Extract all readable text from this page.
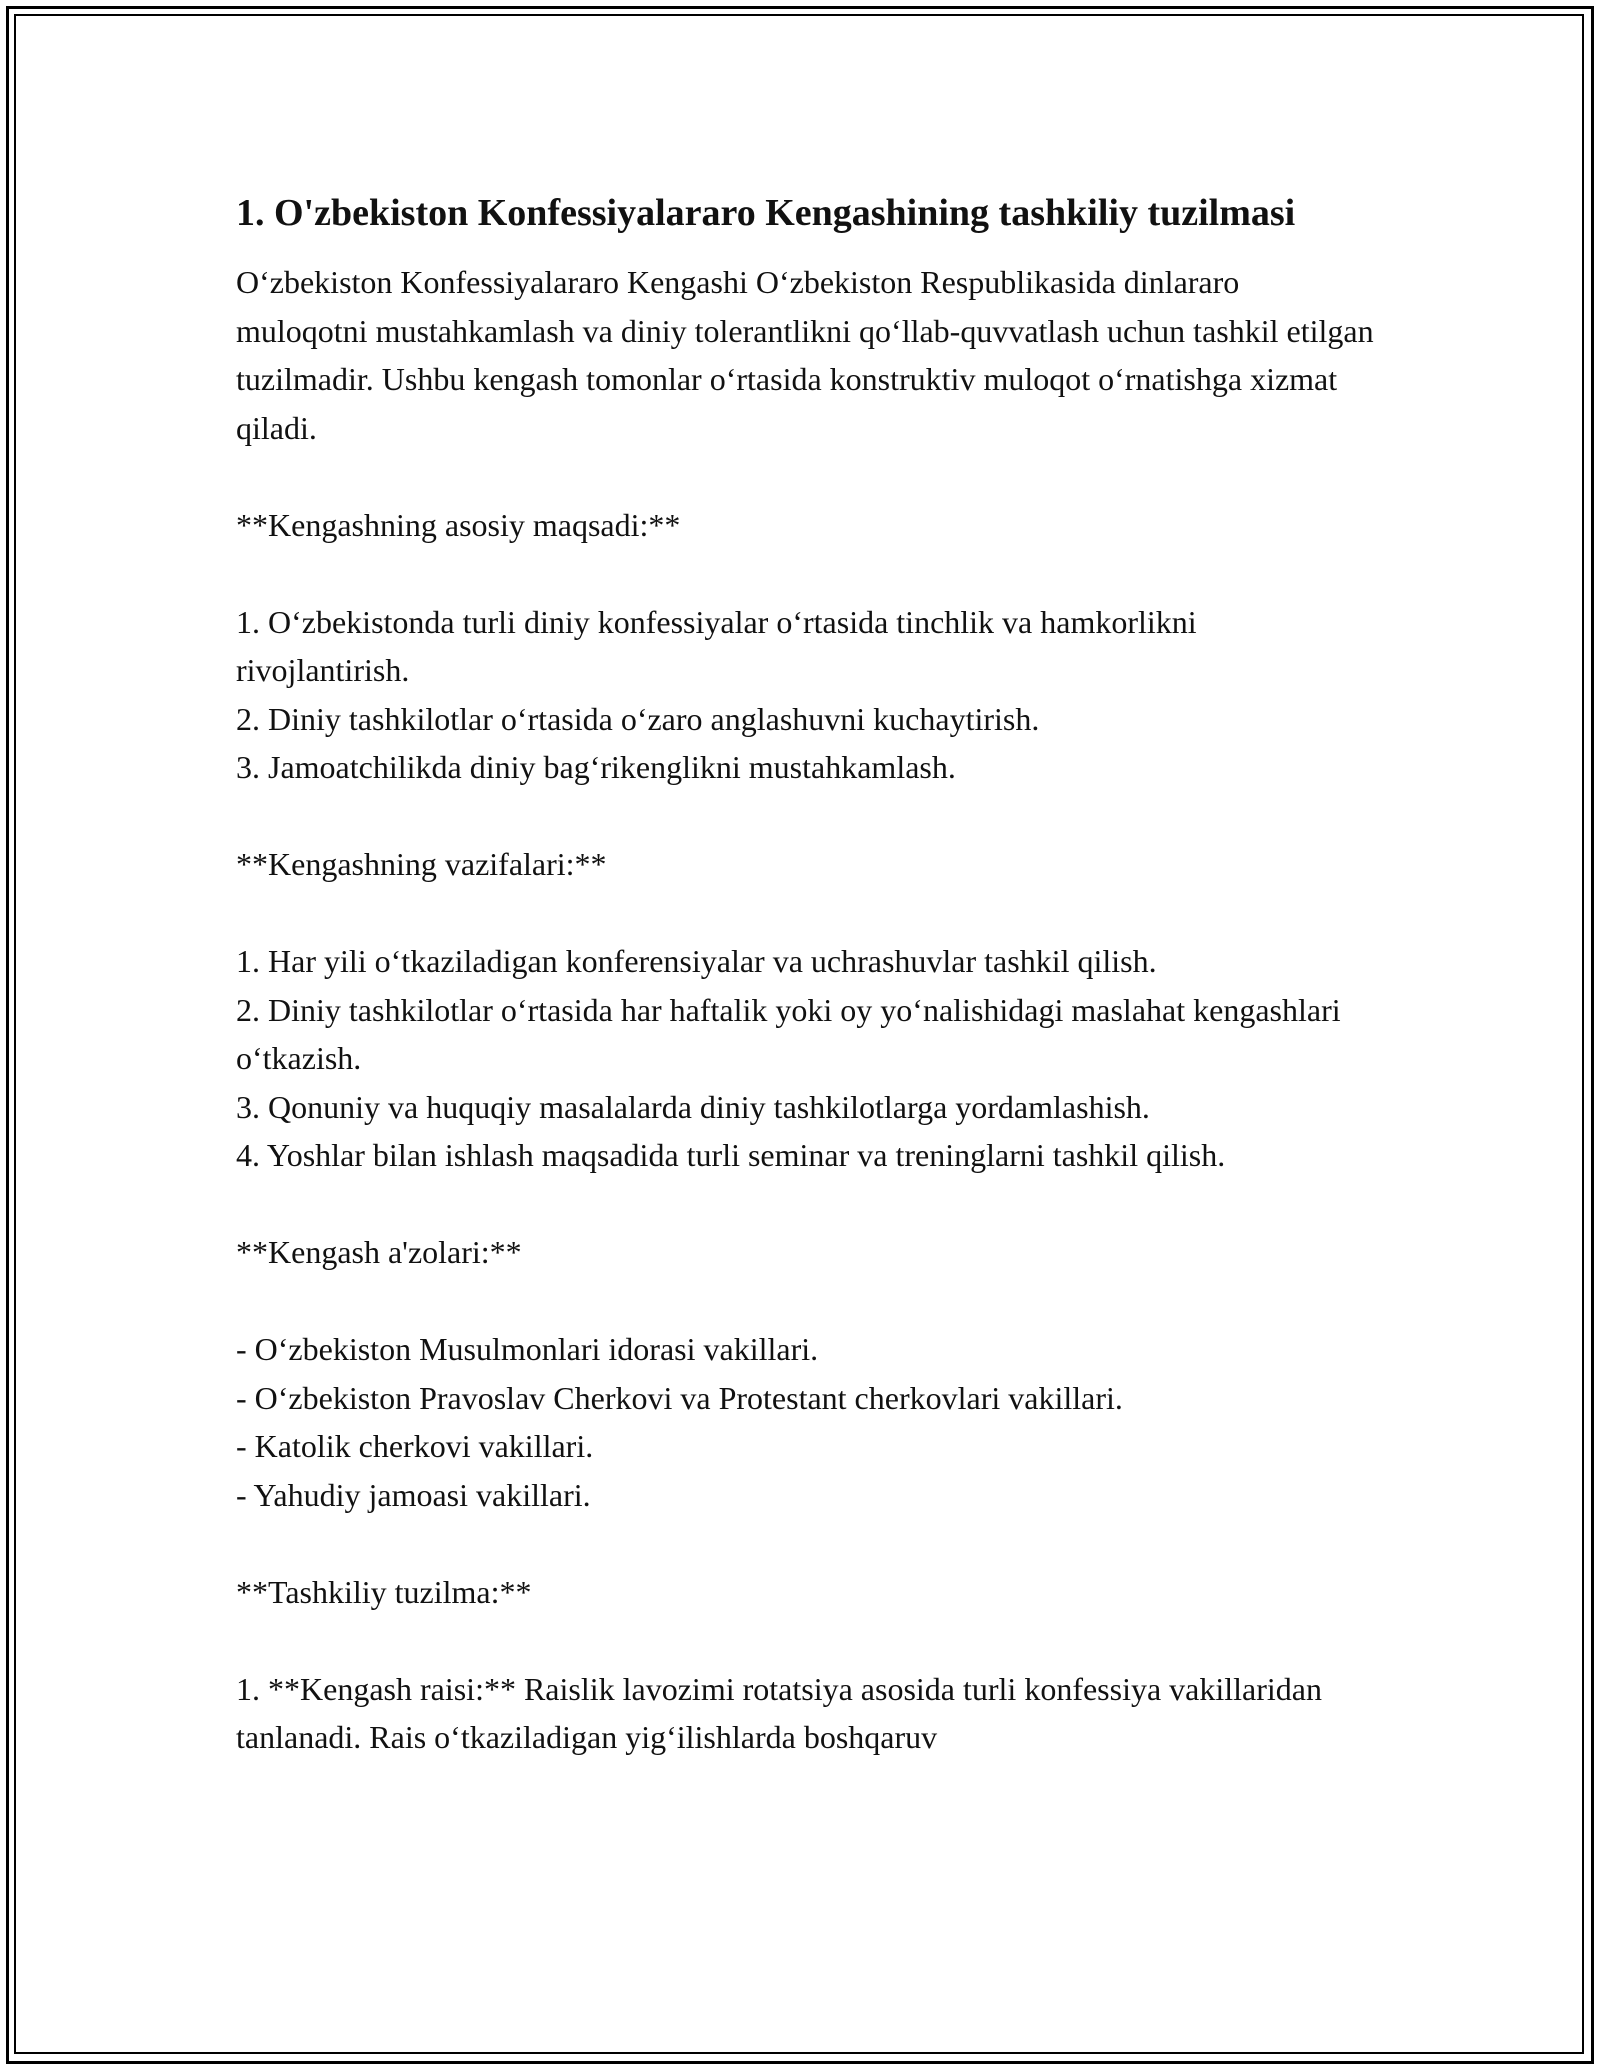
1. O'zbekiston Konfessiyalararo Kengashining tashkiliy tuzilmasi

O‘zbekiston Konfessiyalararo Kengashi O‘zbekiston Respublikasida dinlararo muloqotni mustahkamlash va diniy tolerantlikni qo‘llab-quvvatlash uchun tashkil etilgan tuzilmadir. Ushbu kengash tomonlar o‘rtasida konstruktiv muloqot o‘rnatishga xizmat qiladi.

**Kengashning asosiy maqsadi:**

1. O‘zbekistonda turli diniy konfessiyalar o‘rtasida tinchlik va hamkorlikni rivojlantirish.

2. Diniy tashkilotlar o‘rtasida o‘zaro anglashuvni kuchaytirish.

3. Jamoatchilikda diniy bag‘rikenglikni mustahkamlash.

**Kengashning vazifalari:**

1. Har yili o‘tkaziladigan konferensiyalar va uchrashuvlar tashkil qilish.

2. Diniy tashkilotlar o‘rtasida har haftalik yoki oy yo‘nalishidagi maslahat kengashlari o‘tkazish.

3. Qonuniy va huquqiy masalalarda diniy tashkilotlarga yordamlashish.

4. Yoshlar bilan ishlash maqsadida turli seminar va treninglarni tashkil qilish.

**Kengash a'zolari:**

- O‘zbekiston Musulmonlari idorasi vakillari.

- O‘zbekiston Pravoslav Cherkovi va Protestant cherkovlari vakillari.

- Katolik cherkovi vakillari.

- Yahudiy jamoasi vakillari.

**Tashkiliy tuzilma:**

1. **Kengash raisi:** Raislik lavozimi rotatsiya asosida turli konfessiya vakillaridan tanlanadi. Rais o‘tkaziladigan yig‘ilishlarda boshqaruv
